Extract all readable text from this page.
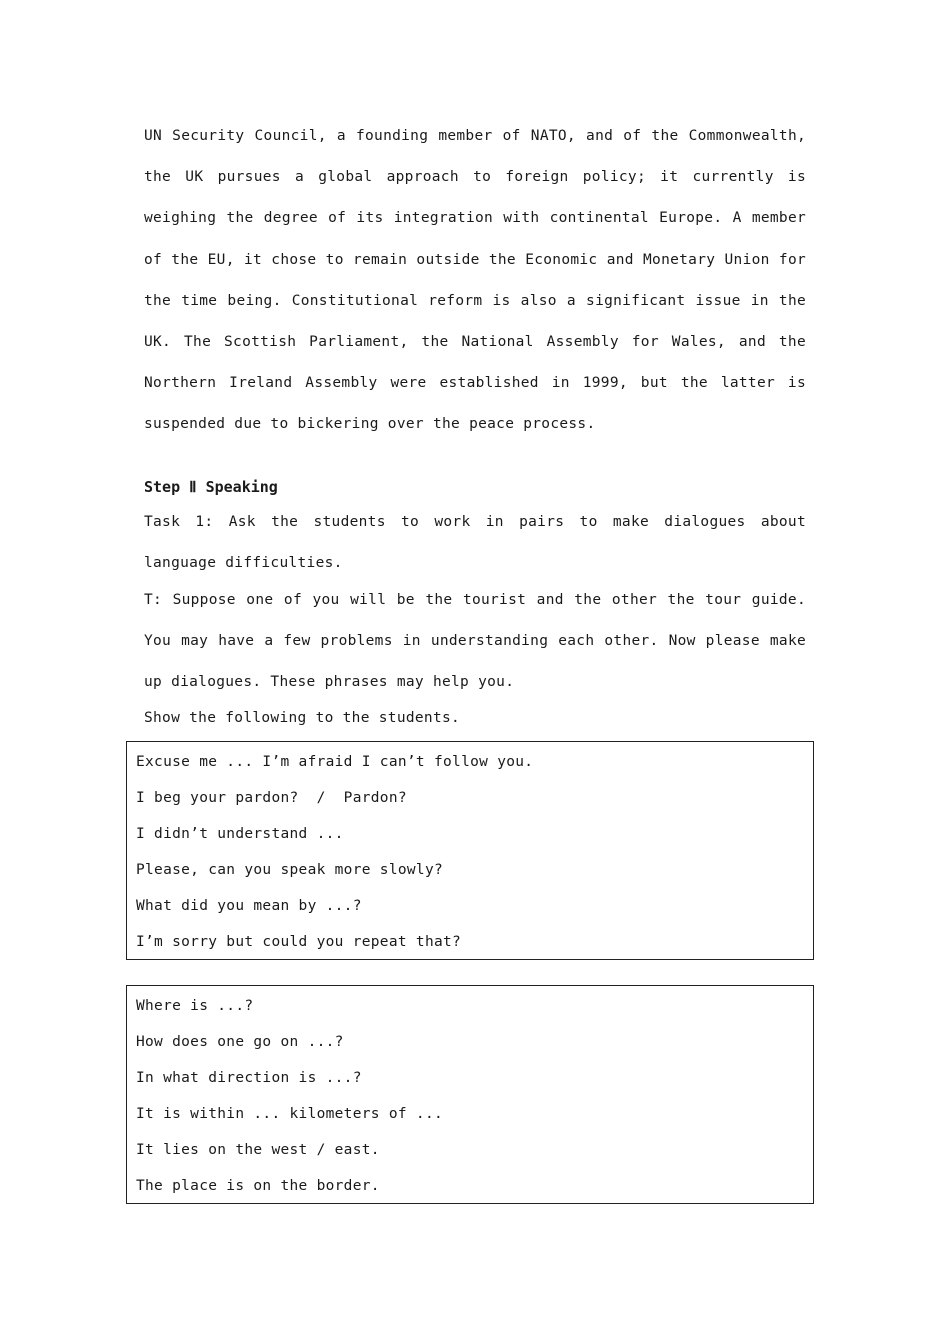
UN Security Council, a founding member of NATO, and of the Commonwealth, the UK pursues a global approach to foreign policy; it currently is weighing the degree of its integration with continental Europe. A member of the EU, it chose to remain outside the Economic and Monetary Union for the time being. Constitutional reform is also a significant issue in the UK. The Scottish Parliament, the National Assembly for Wales, and the Northern Ireland Assembly were established in 1999, but the latter is suspended due to bickering over the peace process.

Step Ⅱ Speaking

Task 1: Ask the students to work in pairs to make dialogues about language difficulties.

T: Suppose one of you will be the tourist and the other the tour guide. You may have a few problems in understanding each other. Now please make up dialogues. These phrases may help you.

Show the following to the students.

Excuse me ... I’m afraid I can’t follow you.
I beg your pardon?  /  Pardon?
I didn’t understand ...
Please, can you speak more slowly?
What did you mean by ...?
I’m sorry but could you repeat that?
Where is ...?
How does one go on ...?
In what direction is ...?
It is within ... kilometers of ...
It lies on the west / east.
The place is on the border.
